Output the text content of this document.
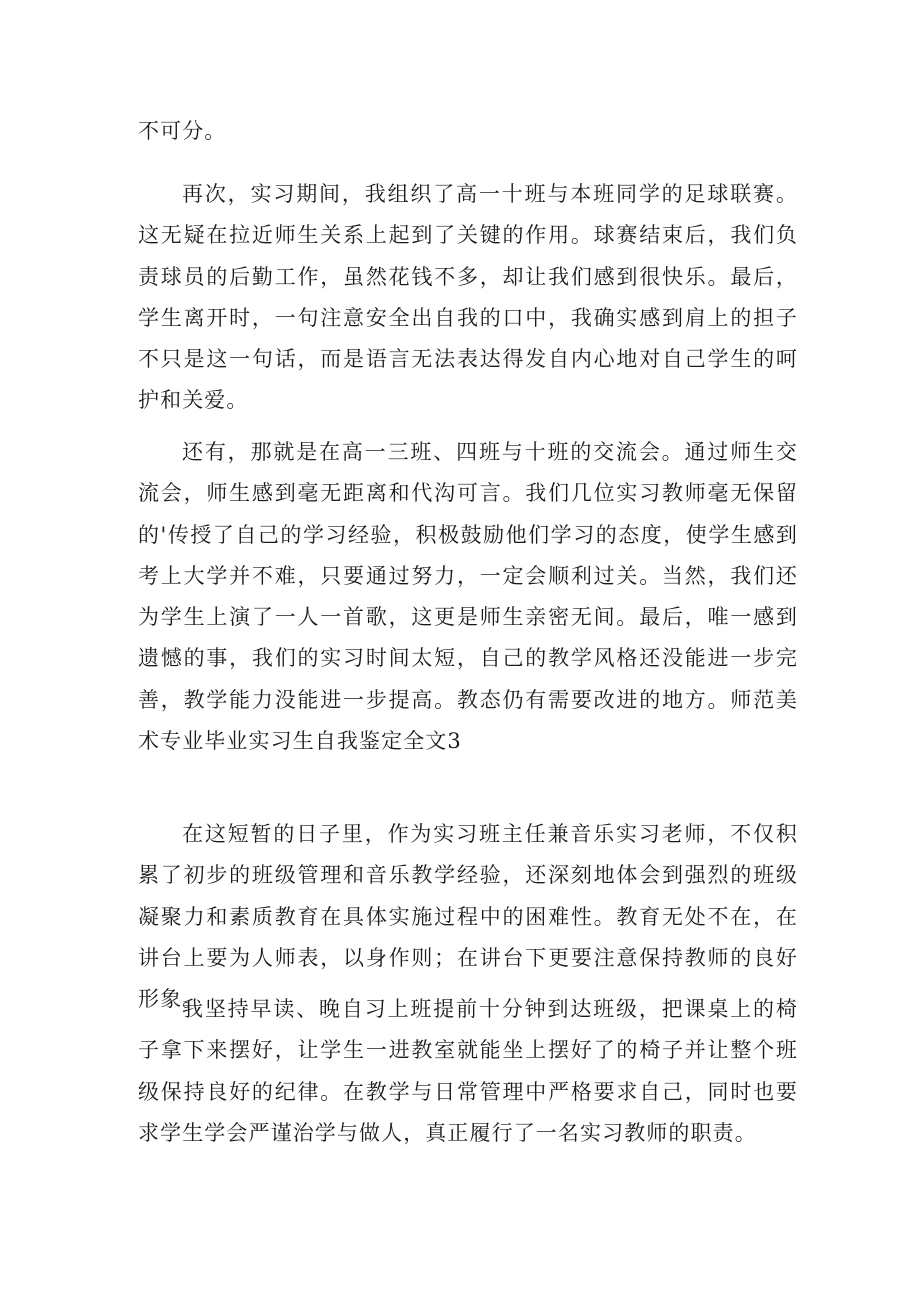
不可分。

再次，实习期间，我组织了高一十班与本班同学的足球联赛。这无疑在拉近师生关系上起到了关键的作用。球赛结束后，我们负责球员的后勤工作，虽然花钱不多，却让我们感到很快乐。最后，学生离开时，一句注意安全出自我的口中，我确实感到肩上的担子不只是这一句话，而是语言无法表达得发自内心地对自己学生的呵护和关爱。

还有，那就是在高一三班、四班与十班的交流会。通过师生交流会，师生感到毫无距离和代沟可言。我们几位实习教师毫无保留的'传授了自己的学习经验，积极鼓励他们学习的态度，使学生感到考上大学并不难，只要通过努力，一定会顺利过关。当然，我们还为学生上演了一人一首歌，这更是师生亲密无间。最后，唯一感到遗憾的事，我们的实习时间太短，自己的教学风格还没能进一步完善，教学能力没能进一步提高。教态仍有需要改进的地方。师范美术专业毕业实习生自我鉴定全文3

在这短暂的日子里，作为实习班主任兼音乐实习老师，不仅积累了初步的班级管理和音乐教学经验，还深刻地体会到强烈的班级凝聚力和素质教育在具体实施过程中的困难性。教育无处不在，在讲台上要为人师表，以身作则；在讲台下更要注意保持教师的良好形象。

我坚持早读、晚自习上班提前十分钟到达班级，把课桌上的椅子拿下来摆好，让学生一进教室就能坐上摆好了的椅子并让整个班级保持良好的纪律。在教学与日常管理中严格要求自己，同时也要求学生学会严谨治学与做人，真正履行了一名实习教师的职责。
